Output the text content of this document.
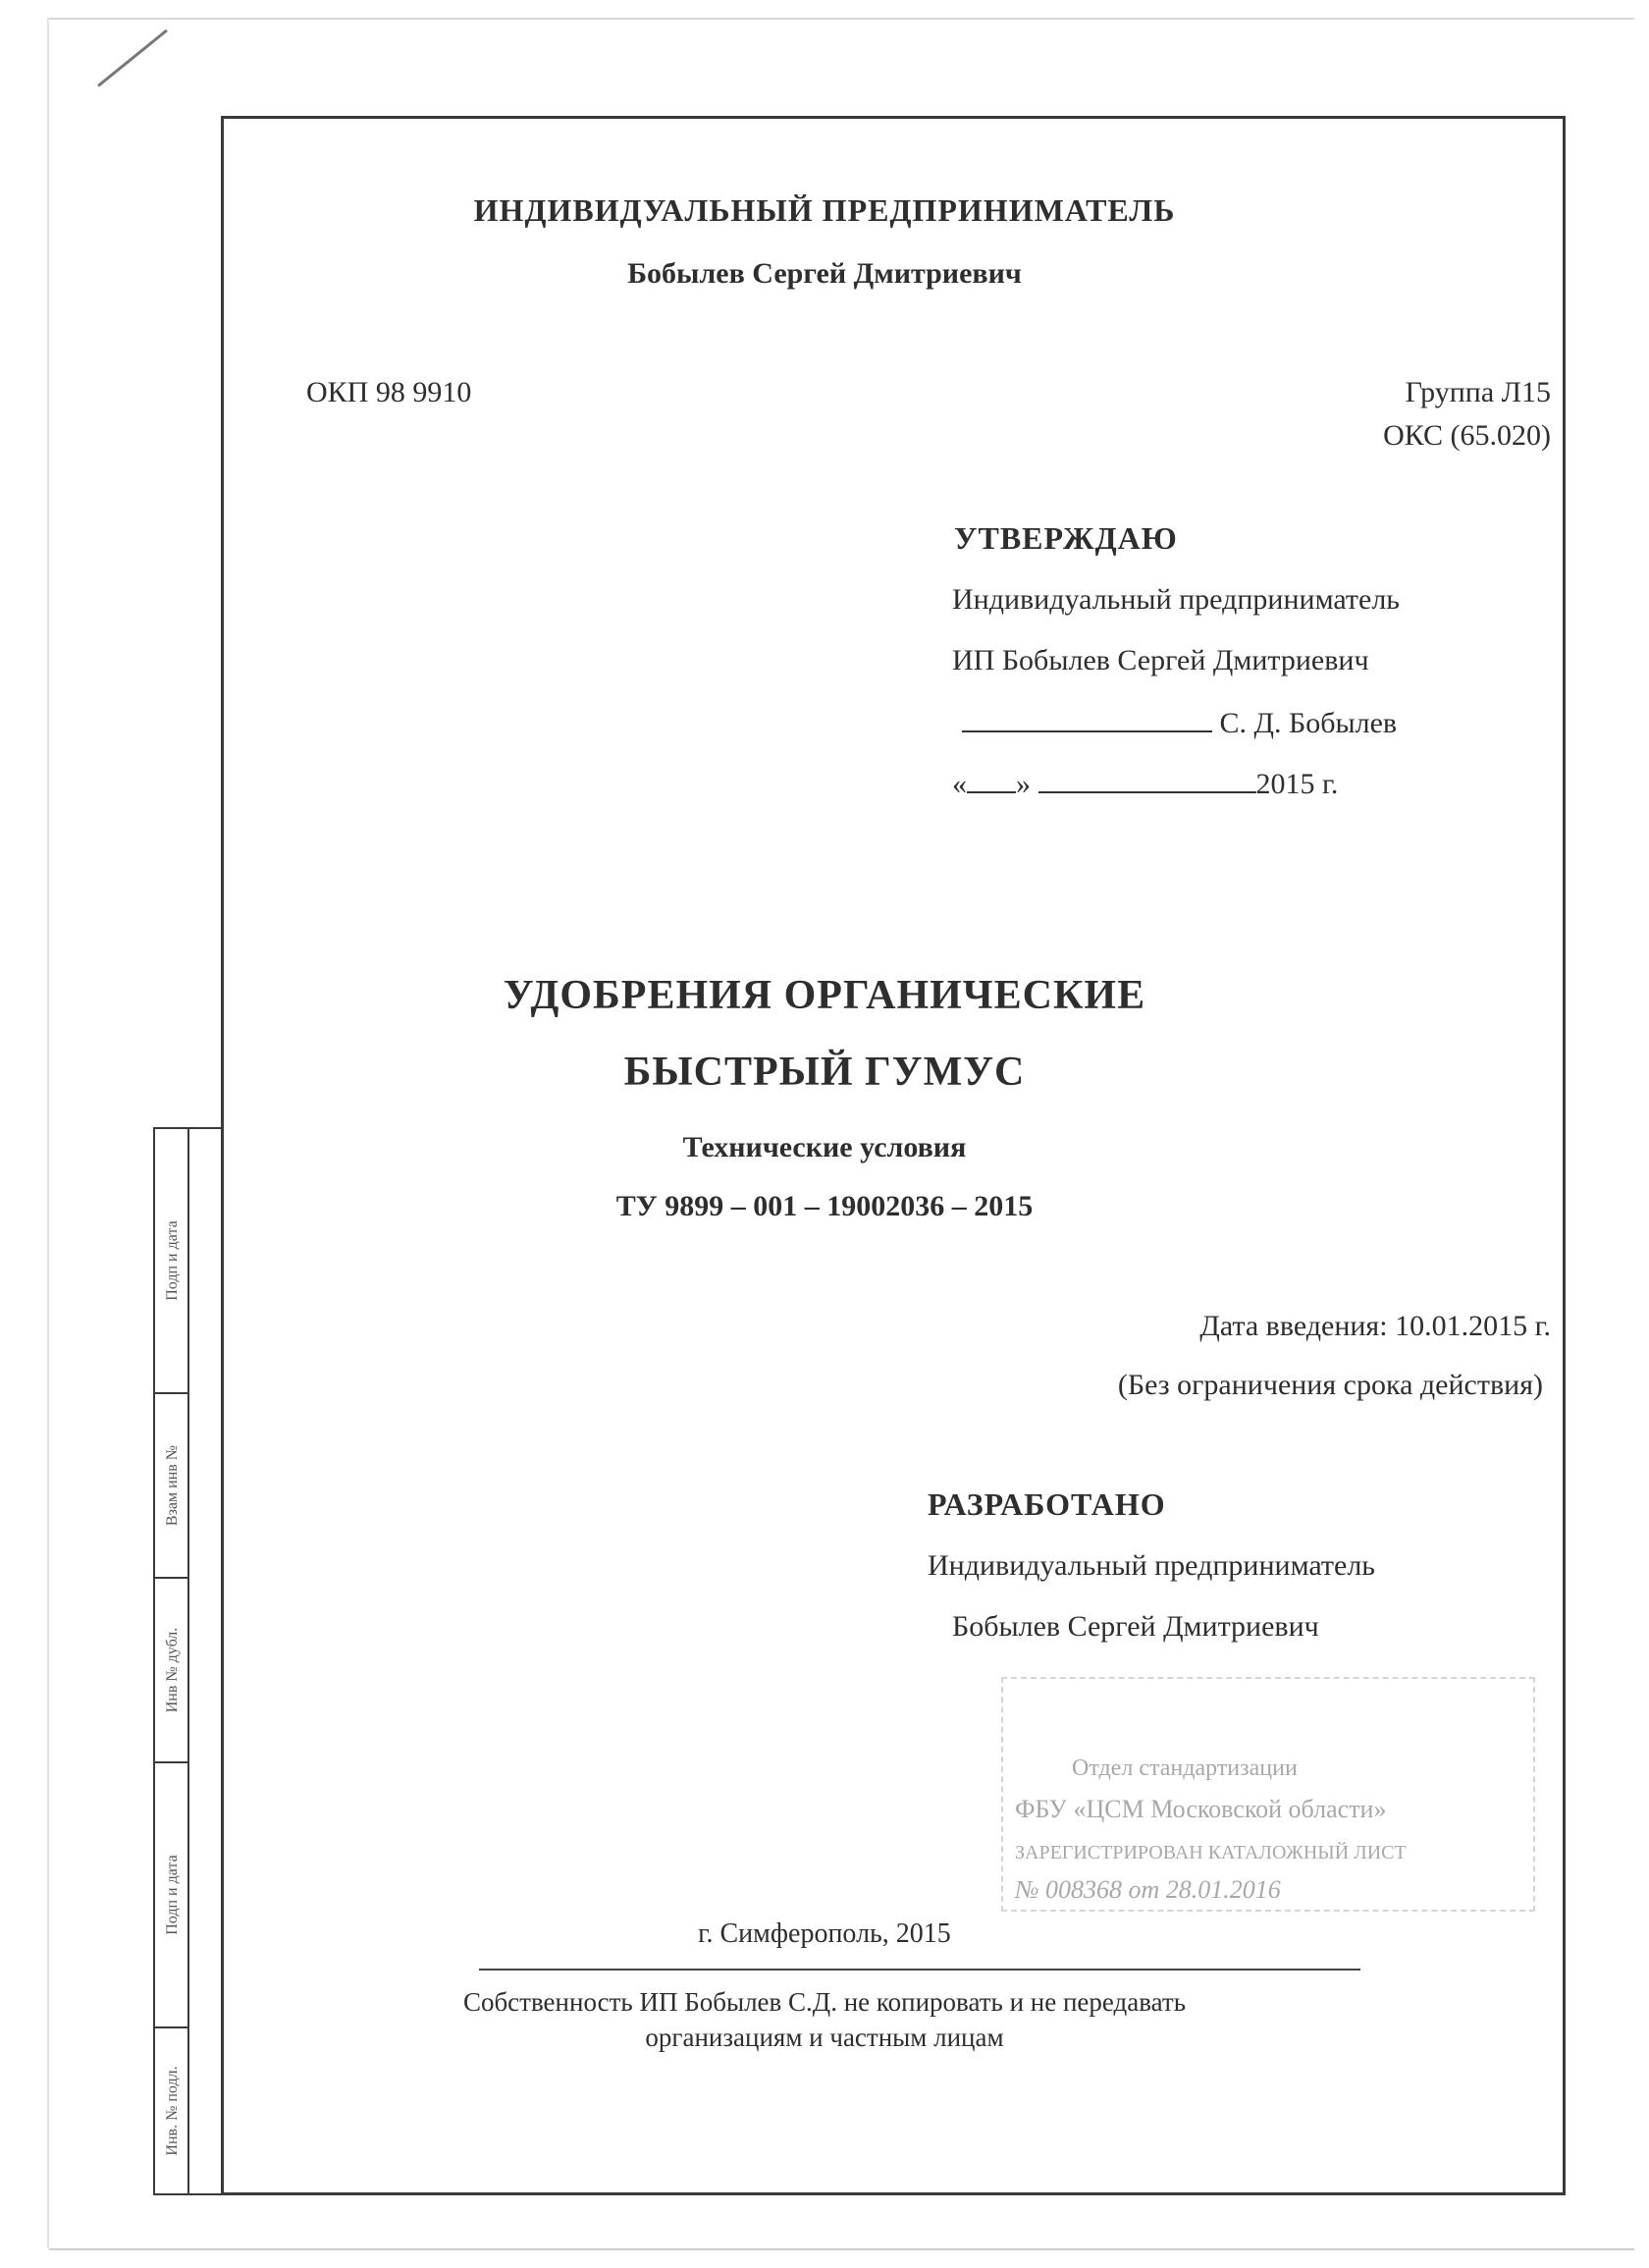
Подп и дата
Взам инв №
Инв № дубл.
Подп и дата
Инв. № подл.
ИНДИВИДУАЛЬНЫЙ ПРЕДПРИНИМАТЕЛЬ
Бобылев Сергей Дмитриевич
ОКП 98 9910	Группа Л15
ОКС (65.020)
УТВЕРЖДАЮ
Индивидуальный предприниматель
ИП Бобылев Сергей Дмитриевич
С. Д. Бобылев
« »	2015 г.
УДОБРЕНИЯ ОРГАНИЧЕСКИЕ
БЫСТРЫЙ ГУМУС
Технические условия
ТУ 9899 – 001 – 19002036 – 2015
Дата введения: 10.01.2015 г.
(Без ограничения срока действия)
РАЗРАБОТАНО
Индивидуальный предприниматель
Бобылев Сергей Дмитриевич
Отдел стандартизации
ФБУ «ЦСМ Московской области»
ЗАРЕГИСТРИРОВАН КАТАЛОЖНЫЙ ЛИСТ
№ 008368 от 28.01.2016
г. Симферополь, 2015
Собственность ИП Бобылев С.Д. не копировать и не передавать
организациям и частным лицам
